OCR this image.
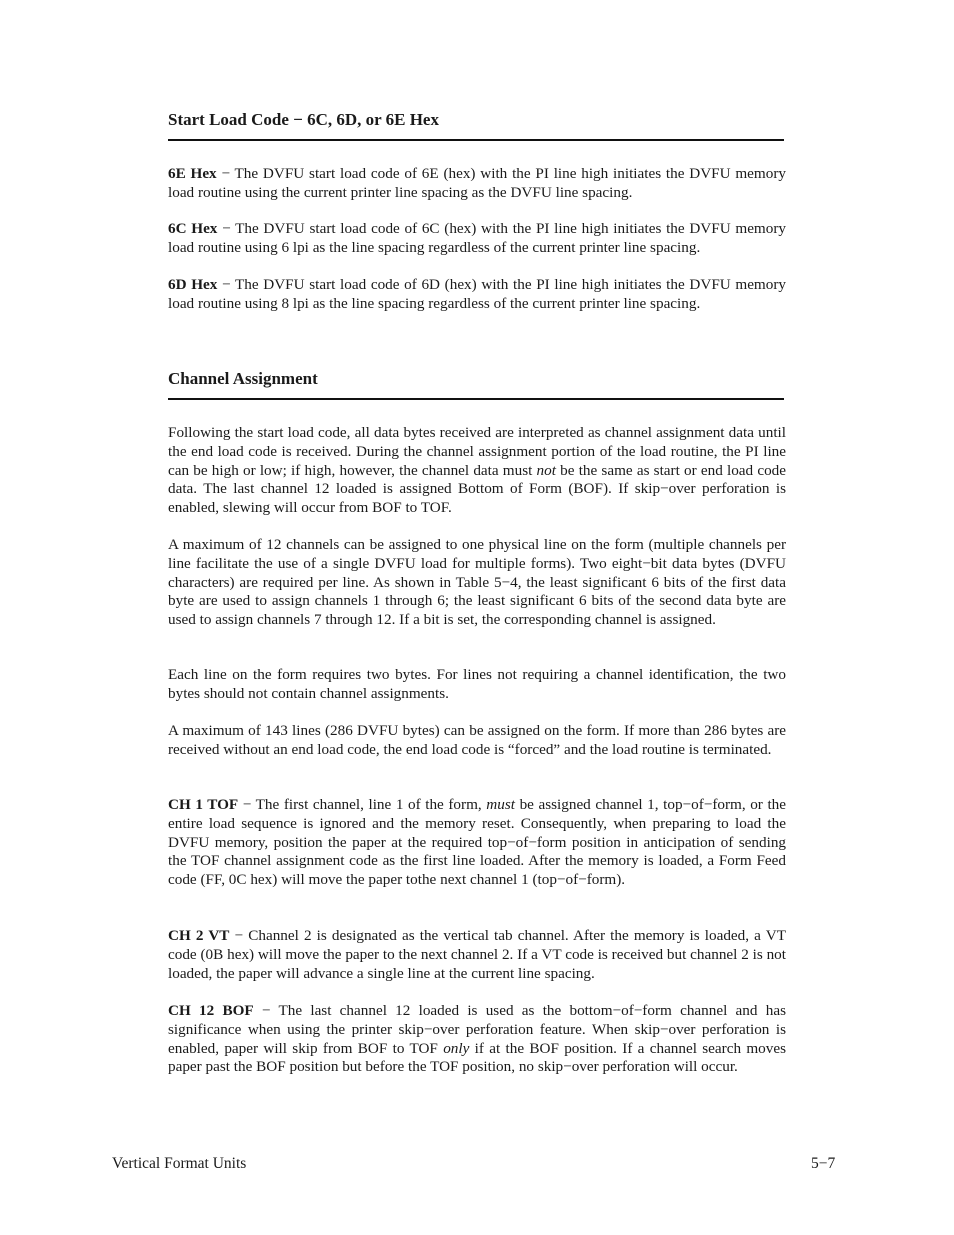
Start Load Code − 6C, 6D, or 6E Hex

6E Hex − The DVFU start load code of 6E (hex) with the PI line high initiates the DVFU memory load routine using the current printer line spacing as the DVFU line spacing.

6C Hex − The DVFU start load code of 6C (hex) with the PI line high initiates the DVFU memory load routine using 6 lpi as the line spacing regardless of the current printer line spacing.

6D Hex − The DVFU start load code of 6D (hex) with the PI line high initiates the DVFU memory load routine using 8 lpi as the line spacing regardless of the current printer line spacing.

Channel Assignment

Following the start load code, all data bytes received are interpreted as channel assignment data until the end load code is received. During the channel assignment portion of the load routine, the PI line can be high or low; if high, however, the channel data must not be the same as start or end load code data. The last channel 12 loaded is assigned Bottom of Form (BOF). If skip−over perforation is enabled, slewing will occur from BOF to TOF.

A maximum of 12 channels can be assigned to one physical line on the form (multiple channels per line facilitate the use of a single DVFU load for multiple forms). Two eight−bit data bytes (DVFU characters) are required per line. As shown in Table 5−4, the least significant 6 bits of the first data byte are used to assign channels 1 through 6; the least significant 6 bits of the second data byte are used to assign channels 7 through 12. If a bit is set, the corresponding channel is assigned.

Each line on the form requires two bytes. For lines not requiring a channel identification, the two bytes should not contain channel assignments.

A maximum of 143 lines (286 DVFU bytes) can be assigned on the form. If more than 286 bytes are received without an end load code, the end load code is “forced” and the load routine is terminated.

CH 1 TOF − The first channel, line 1 of the form, must be assigned channel 1, top−of−form, or the entire load sequence is ignored and the memory reset. Consequently, when preparing to load the DVFU memory, position the paper at the required top−of−form position in anticipation of sending the TOF channel assignment code as the first line loaded. After the memory is loaded, a Form Feed code (FF, 0C hex) will move the paper tothe next channel 1 (top−of−form).

CH 2 VT − Channel 2 is designated as the vertical tab channel. After the memory is loaded, a VT code (0B hex) will move the paper to the next channel 2. If a VT code is received but channel 2 is not loaded, the paper will advance a single line at the current line spacing.

CH 12 BOF − The last channel 12 loaded is used as the bottom−of−form channel and has significance when using the printer skip−over perforation feature. When skip−over perforation is enabled, paper will skip from BOF to TOF only if at the BOF position. If a channel search moves paper past the BOF position but before the TOF position, no skip−over perforation will occur.

Vertical Format Units	5−7
